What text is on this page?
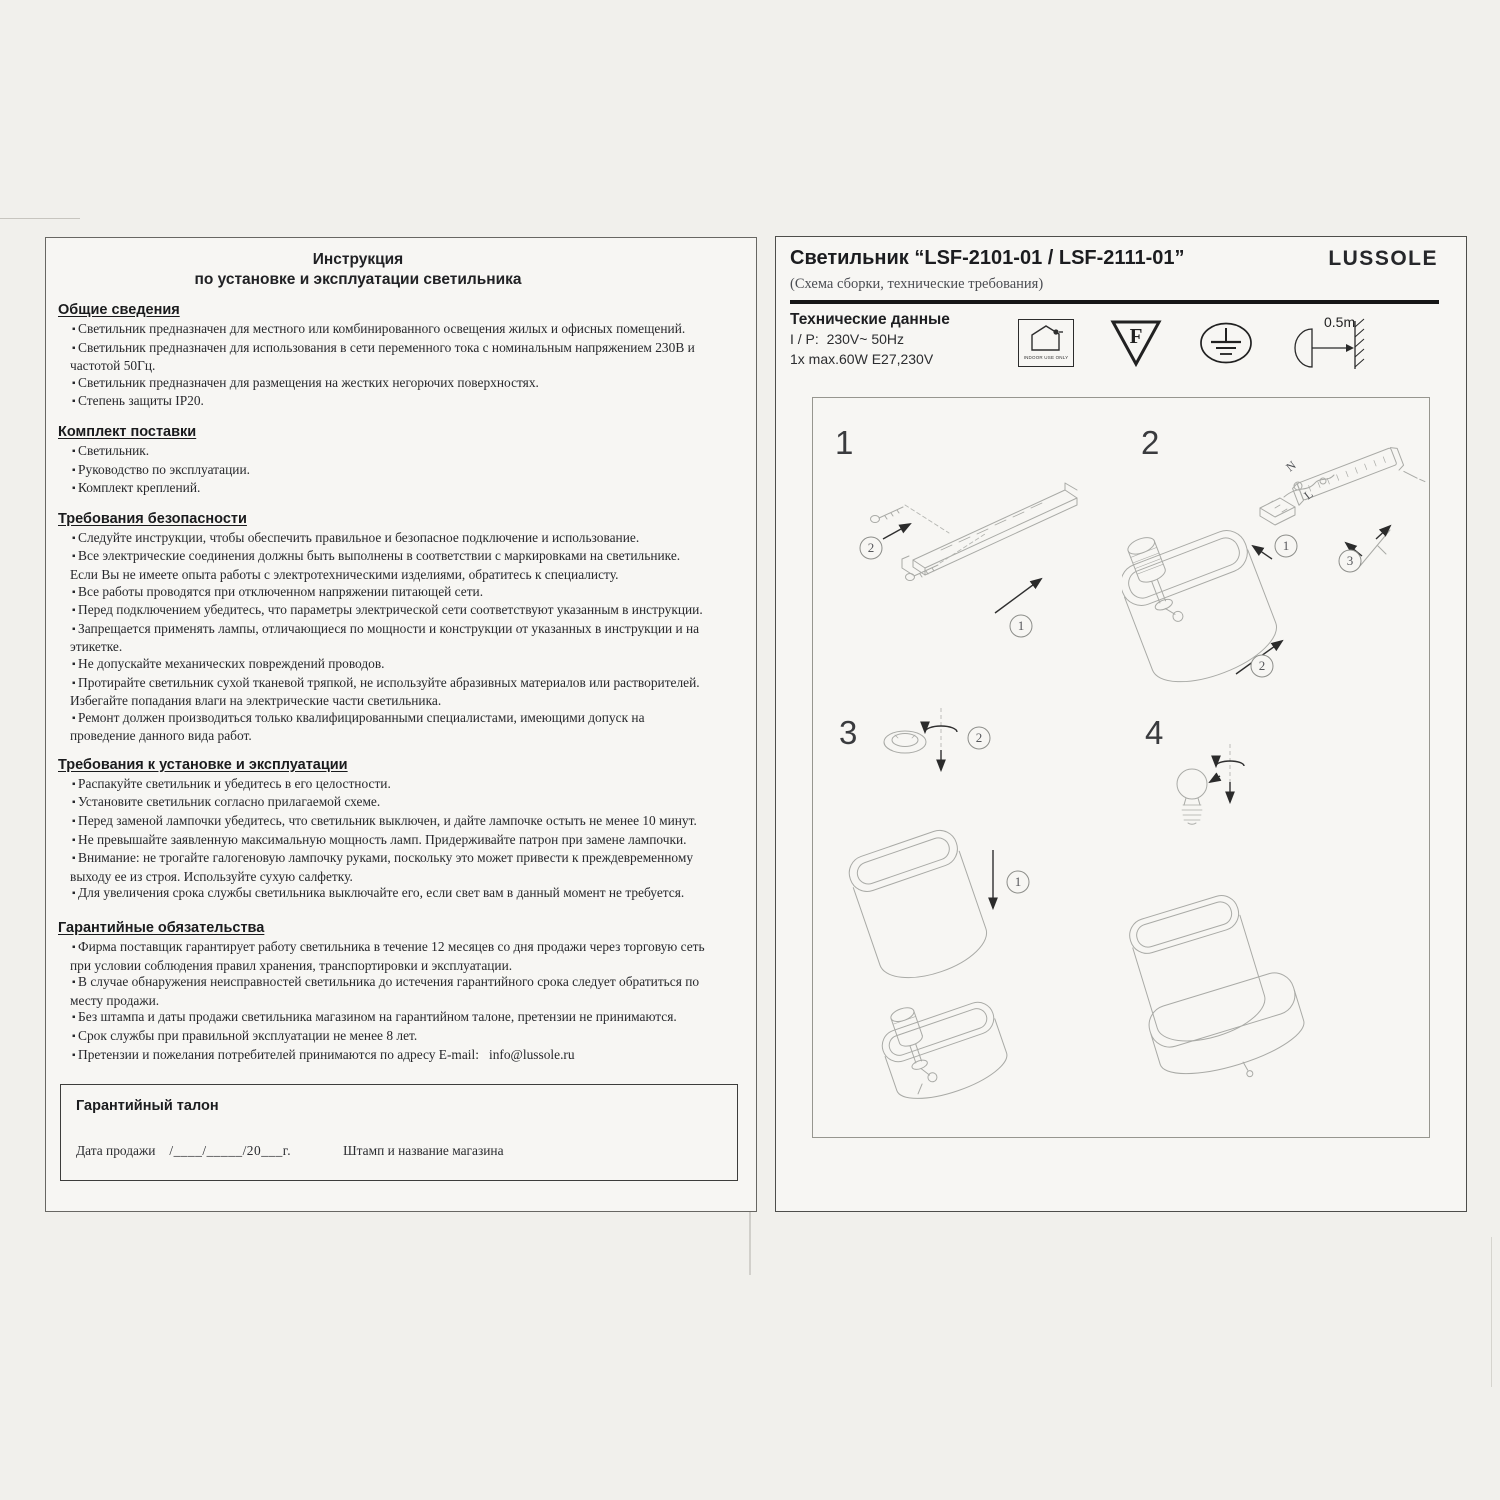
Инструкция
по установке и эксплуатации светильника
Общие сведения

▪ Светильник предназначен для местного или комбинированного освещения жилых и офисных помещений.

▪ Светильник предназначен для использования в сети переменного тока с номинальным напряжением 230В и частотой 50Гц.

▪ Светильник предназначен для размещения на жестких негорючих поверхностях.

▪ Степень защиты IP20.

Комплект поставки

▪ Светильник.

▪ Руководство по эксплуатации.

▪ Комплект креплений.

Требования безопасности

▪ Следуйте инструкции, чтобы обеспечить правильное и безопасное подключение и использование.

▪ Все электрические соединения должны быть выполнены в соответствии с маркировками на светильнике. Если Вы не имеете опыта работы с электротехническими изделиями, обратитесь к специалисту.

▪ Все работы проводятся при отключенном напряжении питающей сети.

▪ Перед подключением убедитесь, что параметры электрической сети соответствуют указанным в инструкции.

▪ Запрещается применять лампы, отличающиеся по мощности и конструкции от указанных в инструкции и на этикетке.

▪ Не допускайте механических повреждений проводов.

▪ Протирайте светильник сухой тканевой тряпкой, не используйте абразивных материалов или растворителей. Избегайте попадания влаги на электрические части светильника.

▪ Ремонт должен производиться только квалифицированными специалистами, имеющими допуск на проведение данного вида работ.

Требования к установке и эксплуатации

▪ Распакуйте светильник и убедитесь в его целостности.

▪ Установите светильник согласно прилагаемой схеме.

▪ Перед заменой лампочки убедитесь, что светильник выключен, и дайте лампочке остыть не менее 10 минут.

▪ Не превышайте заявленную максимальную мощность ламп. Придерживайте патрон при замене лампочки.

▪ Внимание: не трогайте галогеновую лампочку руками, поскольку это может привести к преждевременному выходу ее из строя. Используйте сухую салфетку.

▪ Для увеличения срока службы светильника выключайте его, если свет вам в данный момент не требуется.

Гарантийные обязательства

▪ Фирма поставщик гарантирует работу светильника в течение 12 месяцев со дня продажи через торговую сеть при условии соблюдения правил хранения, транспортировки и эксплуатации.

▪ В случае обнаружения неисправностей светильника до истечения гарантийного срока следует обратиться по месту продажи.

▪ Без штампа и даты продажи светильника магазином на гарантийном талоне, претензии не принимаются.

▪ Срок службы при правильной эксплуатации не менее 8 лет.

▪ Претензии и пожелания потребителей принимаются по адресу E-mail:   info@lussole.ru

Гарантийный талон
Дата продажи /____/_____/20___г.	Штамп и название магазина
Светильник “LSF-2101-01 / LSF-2111-01”	LUSSOLE
(Схема сборки, технические требования)
Технические данные
I / P:  230V~ 50Hz
1x max.60W E27,230V	INDOOR USE ONLY
F
0.5m
1
2
1
2
N
L
1
3
2
3	2
1
4
